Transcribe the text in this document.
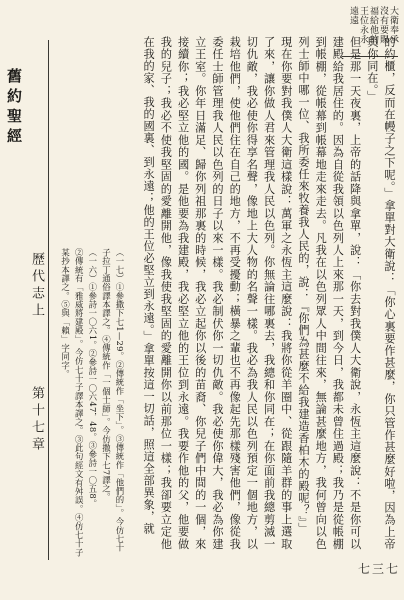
大衛奉承沒有要賜福給他的王位永永遠遠
舊約聖經
歷代志上
第十七章
七三七

（一七）①參撒下七1—29。②傳統作「坐下」。③傳統作「他們的」。今仿七十子拉丁通俗譯本譯之。④傳統作「一個士師」。今仿撒下七7譯之。

（一六）①參詩一〇六1。②參詩一〇六47，48。③參詩一〇五8。

②傳統有「雅威將建殿」。今仿七十子譯本譯之。③此句經文有舛誤。④仿七十子某抄本譯之。⑤與「賴」字同字。	的約櫃，反而在幔子之下呢。」拿單對大衛說：「你心裏要作甚麼，你只管作甚麼好啦，因為上帝與你同在。」

但是那一天夜裏，上帝的話降與拿單，說：「你去對我僕人大衛說，永恆主這麼說：不是你可以建殿給我居住的。因為自從我領以色列人上來那一天，到今日，我都未曾住過殿；我乃是從帳棚到帳棚，從帳幕到帳幕地走來走去。凡我在以色列眾人中間往來，無論甚麼地方，我何曾向以色列士師中哪一位、我所委任來牧養我人民的，說：『你們為甚麼不給我建造香柏木的殿呢？』」

現在你要對我僕人大衛這樣說：萬軍之永恆主這麼說：我將你從羊圈中、從跟隨羊群的事上選取了來，讓你做人君來管理我人民以色列。你無論往哪裏去，我總和你同在；在你面前我總剪滅一切仇敵，我必使你得享名聲，像地上大人物的名聲一樣。我必為我人民以色列預定一個地方，以栽培他們，使他們住在自己的地方，不再受擾動；橫暴之輩也不再像起先那樣殘害他們，像從我委任士師管理我人民以色列的日子以來一樣。我必制伏你一切仇敵。我必使你偉大，我必為你建立王室。你年日滿足、歸你列祖那裏的時候，我必立起你以後的苗裔、你兒子們中間的一個，來接續你；我必堅立他的國。是他要為我建殿，我必堅立他的王位到永遠。我要作他的父，他要做我的兒子；我必不使我堅固的愛離開他，像我使我堅固的愛離開你以前那位一樣；我卻要立定他在我的家、我的國裏、到永遠；他的王位必堅立到永遠。」拿單按這一切話，照這全部異象，就
